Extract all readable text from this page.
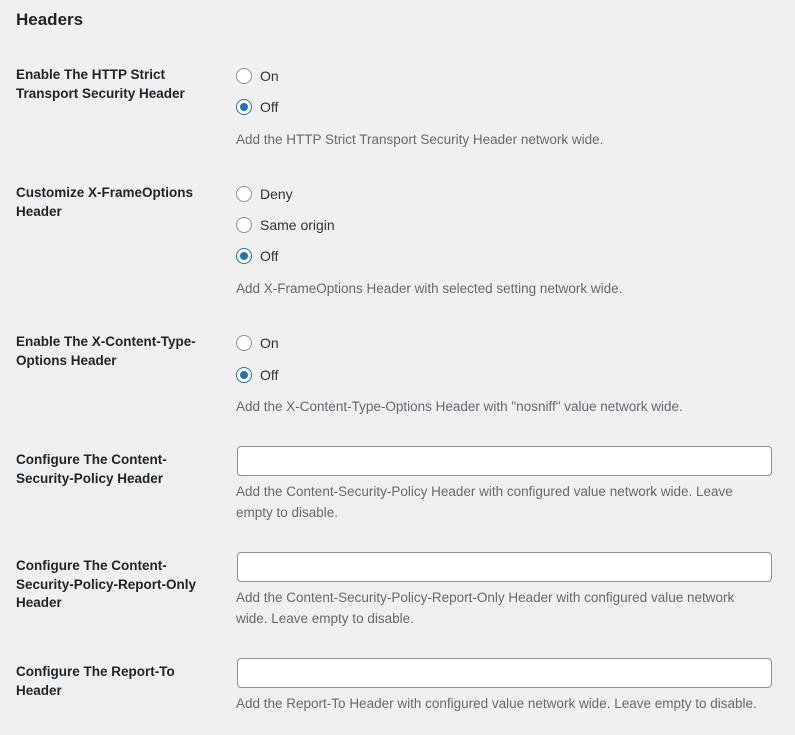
Headers
Enable The HTTP Strict Transport Security Header
On
Off
Add the HTTP Strict Transport Security Header network wide.
Customize X-FrameOptions Header
Deny
Same origin
Off
Add X-FrameOptions Header with selected setting network wide.
Enable The X-Content-Type-Options Header
On
Off
Add the X-Content-Type-Options Header with "nosniff" value network wide.
Configure The Content-Security-Policy Header
Add the Content-Security-Policy Header with configured value network wide. Leave empty to disable.
Configure The Content-Security-Policy-Report-Only Header	Add the Content-Security-Policy-Report-Only Header with configured value network wide. Leave empty to disable.
Configure The Report-To Header
Add the Report-To Header with configured value network wide. Leave empty to disable.
